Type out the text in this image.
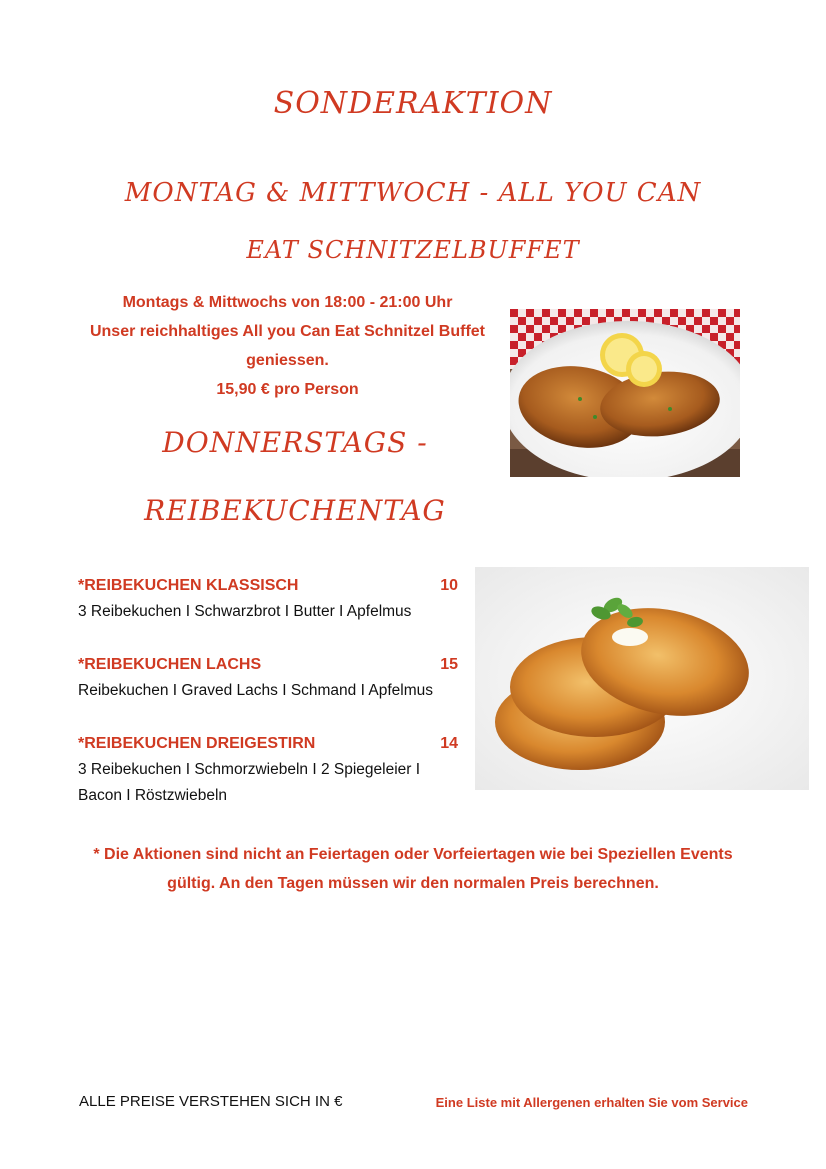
SONDERAKTION
MONTAG & MITTWOCH - ALL YOU CAN
EAT SCHNITZELBUFFET
Montags & Mittwochs von 18:00 - 21:00 Uhr
Unser reichhaltiges All you Can Eat Schnitzel Buffet
geniessen.
15,90 € pro Person
DONNERSTAGS -
REIBEKUCHENTAG
*REIBEKUCHEN KLASSISCH	10
3 Reibekuchen I Schwarzbrot I Butter I Apfelmus
*REIBEKUCHEN LACHS	15
Reibekuchen I Graved Lachs I Schmand I Apfelmus
*REIBEKUCHEN DREIGESTIRN	14
3 Reibekuchen I Schmorzwiebeln I 2 Spiegeleier I Bacon I Röstzwiebeln
* Die Aktionen sind nicht an Feiertagen oder Vorfeiertagen wie bei Speziellen Events
gültig. An den Tagen müssen wir den normalen Preis berechnen.
ALLE PREISE VERSTEHEN SICH IN €	Eine Liste mit Allergenen erhalten Sie vom Service
